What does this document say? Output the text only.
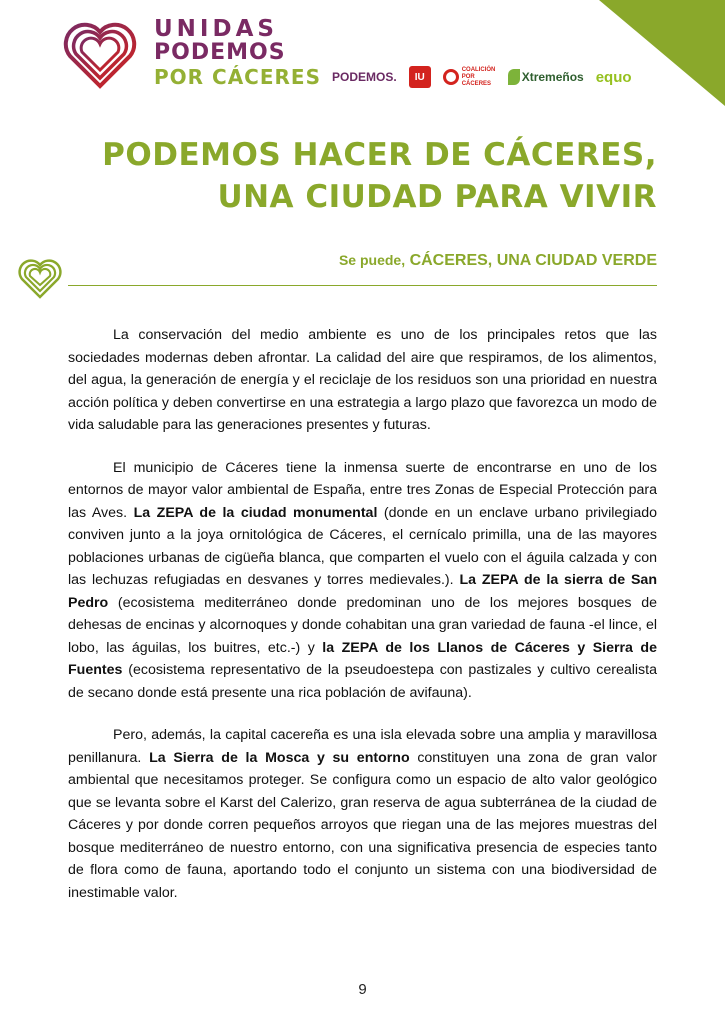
UNIDAS
PODEMOS
POR CÁCERES PODEMOS.	IU
COALICIÓN POR CÁCERES	Xtremeños equo
PODEMOS HACER DE CÁCERES,
UNA CIUDAD PARA VIVIR
Se puede, CÁCERES, UNA CIUDAD VERDE

La conservación del medio ambiente es uno de los principales retos que las sociedades modernas deben afrontar. La calidad del aire que respiramos, de los alimentos, del agua, la generación de energía y el reciclaje de los residuos son una prioridad en nuestra acción política y deben convertirse en una estrategia a largo plazo que favorezca un modo de vida saludable para las generaciones presentes y futuras.

El municipio de Cáceres tiene la inmensa suerte de encontrarse en uno de los entornos de mayor valor ambiental de España, entre tres Zonas de Especial Protección para las Aves. La ZEPA de la ciudad monumental (donde en un enclave urbano privilegiado conviven junto a la joya ornitológica de Cáceres, el cernícalo primilla, una de las mayores poblaciones urbanas de cigüeña blanca, que comparten el vuelo con el águila calzada y con las lechuzas refugiadas en desvanes y torres medievales.). La ZEPA de la sierra de San Pedro (ecosistema mediterráneo donde predominan uno de los mejores bosques de dehesas de encinas y alcornoques y donde cohabitan una gran variedad de fauna -el lince, el lobo, las águilas, los buitres, etc.-) y la ZEPA de los Llanos de Cáceres y Sierra de Fuentes (ecosistema representativo de la pseudoestepa con pastizales y cultivo cerealista de secano donde está presente una rica población de avifauna).

Pero, además, la capital cacereña es una isla elevada sobre una amplia y maravillosa penillanura. La Sierra de la Mosca y su entorno constituyen una zona de gran valor ambiental que necesitamos proteger. Se configura como un espacio de alto valor geológico que se levanta sobre el Karst del Calerizo, gran reserva de agua subterránea de la ciudad de Cáceres y por donde corren pequeños arroyos que riegan una de las mejores muestras del bosque mediterráneo de nuestro entorno, con una significativa presencia de especies tanto de flora como de fauna, aportando todo el conjunto un sistema con una biodiversidad de inestimable valor.

9
